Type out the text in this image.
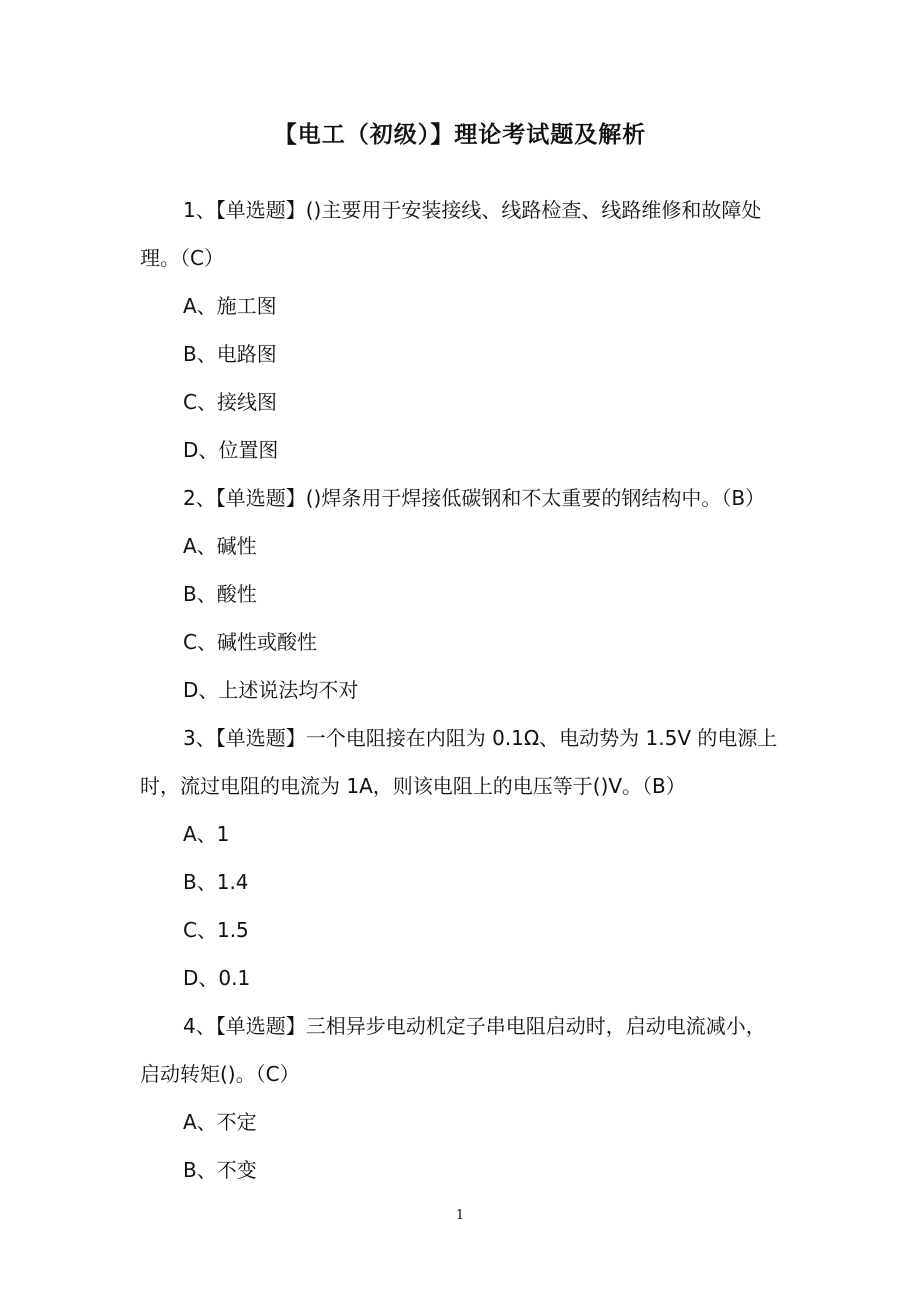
【电工（初级）】理论考试题及解析

1、【单选题】()主要用于安装接线、线路检查、线路维修和故障处理。（C）

A、施工图

B、电路图

C、接线图

D、位置图

2、【单选题】()焊条用于焊接低碳钢和不太重要的钢结构中。（B）

A、碱性

B、酸性

C、碱性或酸性

D、上述说法均不对

3、【单选题】一个电阻接在内阻为 0.1Ω、电动势为 1.5V 的电源上时，流过电阻的电流为 1A，则该电阻上的电压等于()V。（B）

A、1

B、1.4

C、1.5

D、0.1

4、【单选题】三相异步电动机定子串电阻启动时，启动电流减小，启动转矩()。（C）

A、不定

B、不变

1
